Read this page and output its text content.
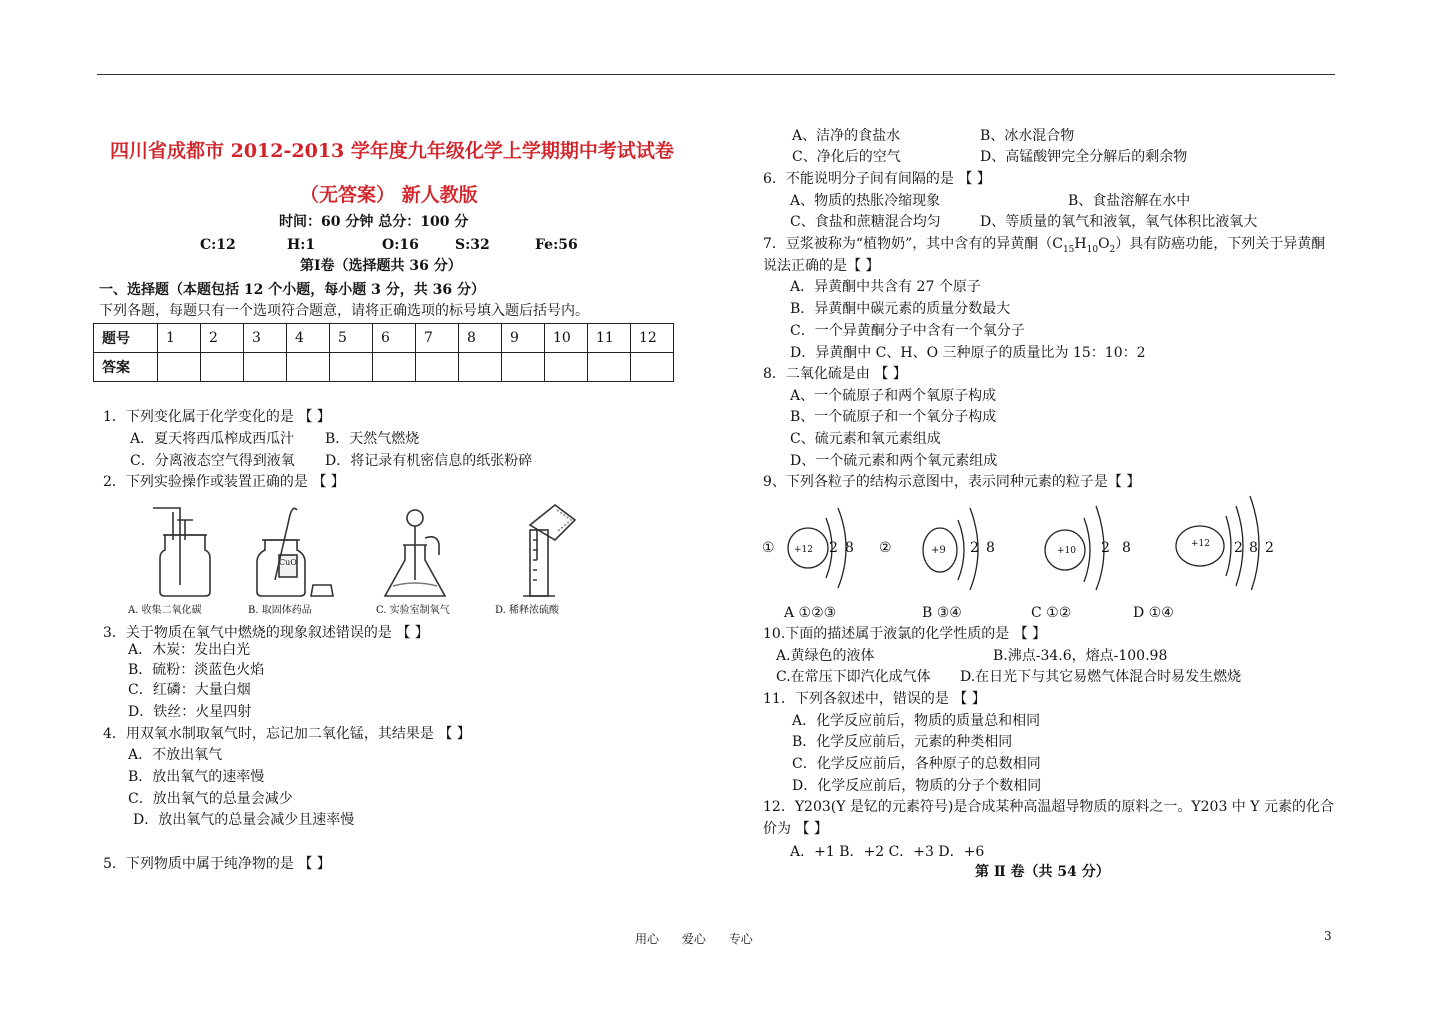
四川省成都市 2012-2013 学年度九年级化学上学期期中考试试卷
（无答案） 新人教版
时间：60 分钟 总分：100 分
C:12	H:1	O:16	S:32	Fe:56
第Ⅰ卷（选择题共 36 分）
一、选择题（本题包括 12 个小题，每小题 3 分，共 36 分）
下列各题，每题只有一个选项符合题意，请将正确选项的标号填入题后括号内。
题号	1	2	3	4	5	6	7	8	9	10	11	12
答案												
1．下列变化属于化学变化的是 【 】
A．夏天将西瓜榨成西瓜汁 B．天然气燃烧
C．分离液态空气得到液氧 D．将记录有机密信息的纸张粉碎
2．下列实验操作或装置正确的是 【 】
A. 收集二氧化碳	B. 取固体药品	C. 实验室制氧气	D. 稀释浓硫酸
CuO
3．关于物质在氧气中燃烧的现象叙述错误的是 【 】
A．木炭：发出白光
B．硫粉：淡蓝色火焰
C．红磷：大量白烟
D．铁丝：火星四射
4．用双氧水制取氧气时，忘记加二氧化锰，其结果是 【 】
A．不放出氧气
B．放出氧气的速率慢
C．放出氧气的总量会减少
D．放出氧气的总量会减少且速率慢
5．下列物质中属于纯净物的是 【 】
A、洁净的食盐水	B、冰水混合物
C、净化后的空气	D、高锰酸钾完全分解后的剩余物
6．不能说明分子间有间隔的是 【 】
A、物质的热胀冷缩现象	B、食盐溶解在水中
C、食盐和蔗糖混合均匀	D、等质量的氧气和液氧，氧气体积比液氧大
7．豆浆被称为“植物奶”，其中含有的异黄酮$(C_{15}H_{10}O_2)$具有防癌功能，下列关于异黄酮
说法正确的是【 】
A．异黄酮中共含有 27 个原子
B．异黄酮中碳元素的质量分数最大
C．一个异黄酮分子中含有一个氧分子
D．异黄酮中 C、H、O 三种原子的质量比为 15：10：2
8．二氧化硫是由 【 】
A、一个硫原子和两个氧原子构成
B、一个硫原子和一个氧分子构成
C、硫元素和氧元素组成
D、一个硫元素和两个氧元素组成
9、下列各粒子的结构示意图中，表示同种元素的粒子是【 】
① +12 2 8 ②	+9 2 8	+10 2 8	+12 2 8 2
A ①②③	B ③④	C ①②	D ①④
10.下面的描述属于液氯的化学性质的是 【 】
A.黄绿色的液体	B.沸点-34.6，熔点-100.98
C.在常压下即汽化成气体 D.在日光下与其它易燃气体混合时易发生燃烧
11．下列各叙述中，错误的是 【 】
A．化学反应前后，物质的质量总和相同
B．化学反应前后，元素的种类相同
C．化学反应前后，各种原子的总数相同
D．化学反应前后，物质的分子个数相同
12．Y203(Y 是钇的元素符号)是合成某种高温超导物质的原料之一。Y203 中 Y 元素的化合
价为 【 】
A．+1 B．+2 C．+3 D．+6
第 Ⅱ 卷（共 54 分）
用心      爱心      专心	3
